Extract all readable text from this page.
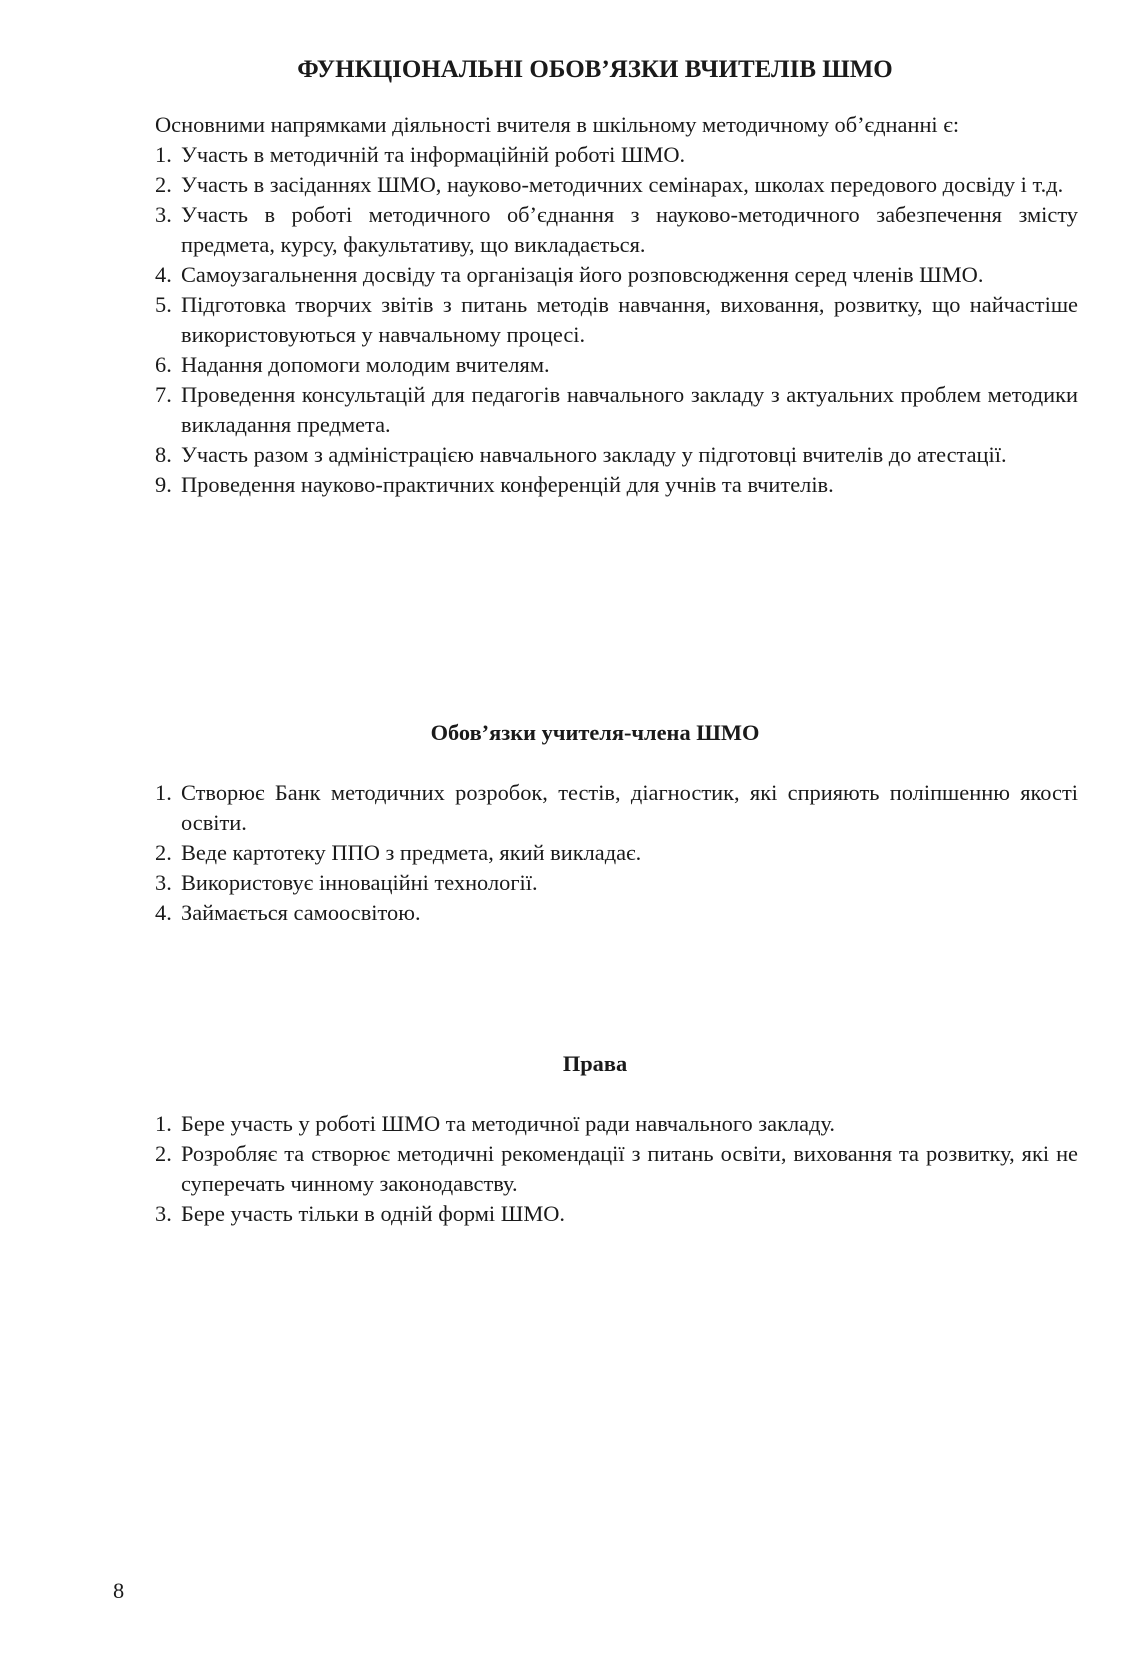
ФУНКЦІОНАЛЬНІ ОБОВ’ЯЗКИ ВЧИТЕЛІВ ШМО

Основними напрямками діяльності вчителя в шкільному методичному об’єднанні є:

1. Участь в методичній та інформаційній роботі ШМО.
2. Участь в засіданнях ШМО, науково-методичних семінарах, школах передового досвіду і т.д.
3. Участь в роботі методичного об’єднання з науково-методичного забезпечення змісту предмета, курсу, факультативу, що викладається.
4. Самоузагальнення досвіду та організація його розповсюдження серед членів ШМО.
5. Підготовка творчих звітів з питань методів навчання, виховання, розвитку, що найчастіше використовуються у навчальному процесі.
6. Надання допомоги молодим вчителям.
7. Проведення консультацій для педагогів навчального закладу з актуальних проблем методики викладання предмета.
8. Участь разом з адміністрацією навчального закладу у підготовці вчителів до атестації.
9. Проведення науково-практичних конференцій для учнів та вчителів.
Обов’язки учителя-члена ШМО
1. Створює Банк методичних розробок, тестів, діагностик, які сприяють поліпшенню якості освіти.
2. Веде картотеку ППО з предмета, який викладає.
3. Використовує інноваційні технології.
4. Займається самоосвітою.
Права
1. Бере участь у роботі ШМО та методичної ради навчального закладу.
2. Розробляє та створює методичні рекомендації з питань освіти, виховання та розвитку, які не суперечать чинному законодавству.
3. Бере участь тільки в одній формі ШМО.

8
